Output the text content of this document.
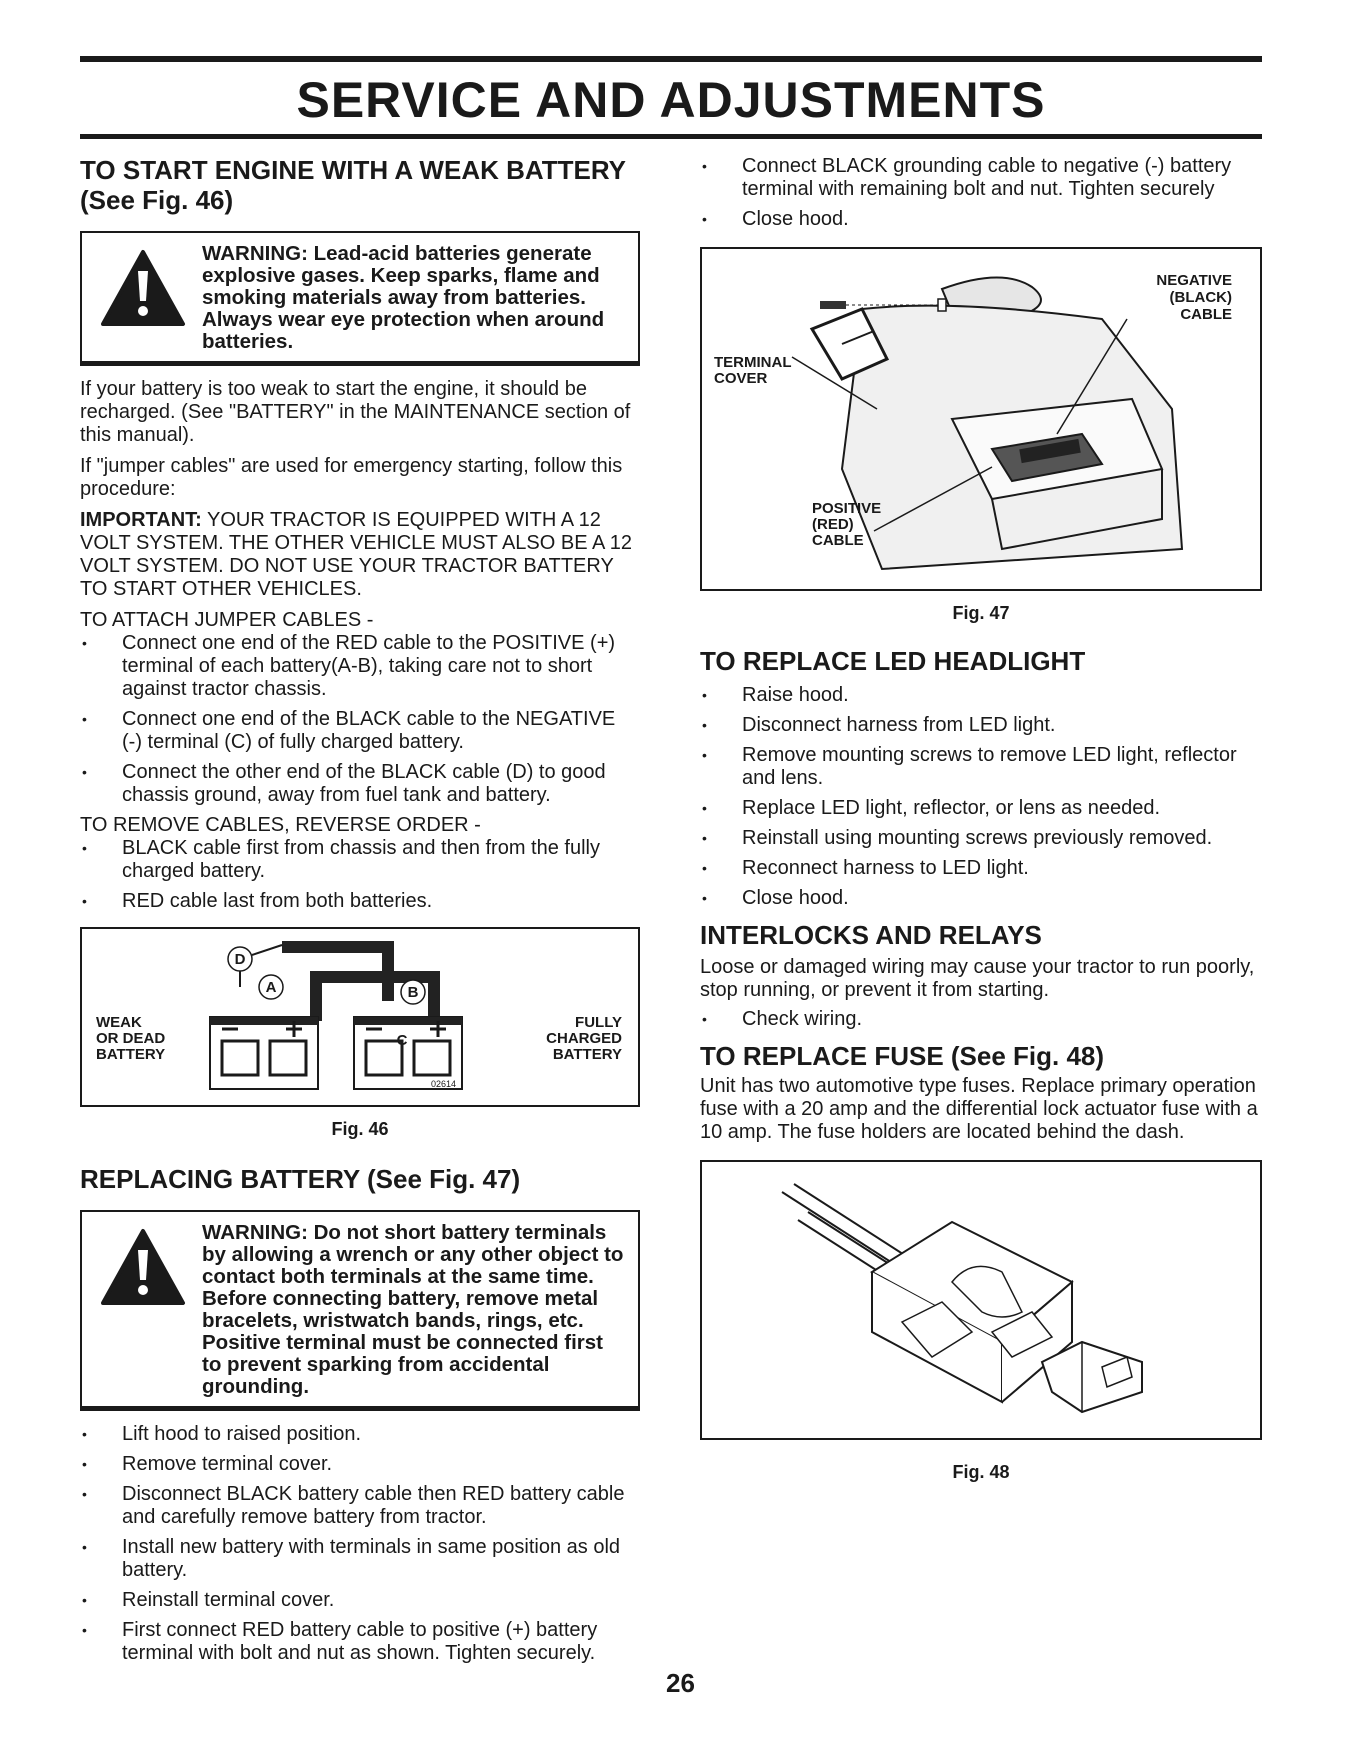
SERVICE AND ADJUSTMENTS
TO START ENGINE WITH A WEAK BATTERY
(See Fig. 46)
WARNING: Lead-acid batteries generate explosive gases. Keep sparks, flame and smoking materials away from batteries. Always wear eye protection when around batteries.

If your battery is too weak to start the engine, it should be recharged. (See "BATTERY" in the MAINTENANCE section of this manual).

If "jumper cables" are used for emergency starting, follow this procedure:

IMPORTANT: YOUR TRACTOR IS EQUIPPED WITH A 12 VOLT SYSTEM. THE OTHER VEHICLE MUST ALSO BE A 12 VOLT SYSTEM. DO NOT USE YOUR TRACTOR BATTERY TO START OTHER VEHICLES.

TO ATTACH JUMPER CABLES -

• Connect one end of the RED cable to the POSITIVE (+) terminal of each battery(A-B), taking care not to short against tractor chassis.
• Connect one end of the BLACK cable to the NEGATIVE (-) terminal (C) of fully charged battery.
• Connect the other end of the BLACK cable (D) to good chassis ground, away from fuel tank and battery.

TO REMOVE CABLES, REVERSE ORDER -

• BLACK cable first from chassis and then from the fully charged battery.
• RED cable last from both batteries.
D
A	B
C
WEAK
OR DEAD
BATTERY
FULLY
CHARGED
BATTERY
02614
Fig. 46
REPLACING BATTERY (See Fig. 47)
WARNING: Do not short battery terminals by allowing a wrench or any other object to contact both terminals at the same time. Before connecting battery, remove metal bracelets, wristwatch bands, rings, etc. Positive terminal must be connected first to prevent sparking from accidental grounding.
• Lift hood to raised position.
• Remove terminal cover.
• Disconnect BLACK battery cable then RED battery cable and carefully remove battery from tractor.
• Install new battery with terminals in same position as old battery.
• Reinstall terminal cover.
• First connect RED battery cable to positive (+) battery terminal with bolt and nut as shown. Tighten securely.
• Connect BLACK grounding cable to negative (-) battery terminal with remaining bolt and nut. Tighten securely
• Close hood.
NEGATIVE
(BLACK)
CABLE
TERMINAL
COVER
POSITIVE
(RED)
CABLE
Fig. 47
TO REPLACE LED HEADLIGHT
• Raise hood.
• Disconnect harness from LED light.
• Remove mounting screws to remove LED light, reflector and lens.
• Replace LED light, reflector, or lens as needed.
• Reinstall using mounting screws previously removed.
• Reconnect harness to LED light.
• Close hood.
INTERLOCKS AND RELAYS

Loose or damaged wiring may cause your tractor to run poorly, stop running, or prevent it from starting.

• Check wiring.
TO REPLACE FUSE (See Fig. 48)

Unit has two automotive type fuses. Replace primary operation fuse with a 20 amp and the differential lock actuator fuse with a 10 amp. The fuse holders are located behind the dash.

Fig. 48
26
